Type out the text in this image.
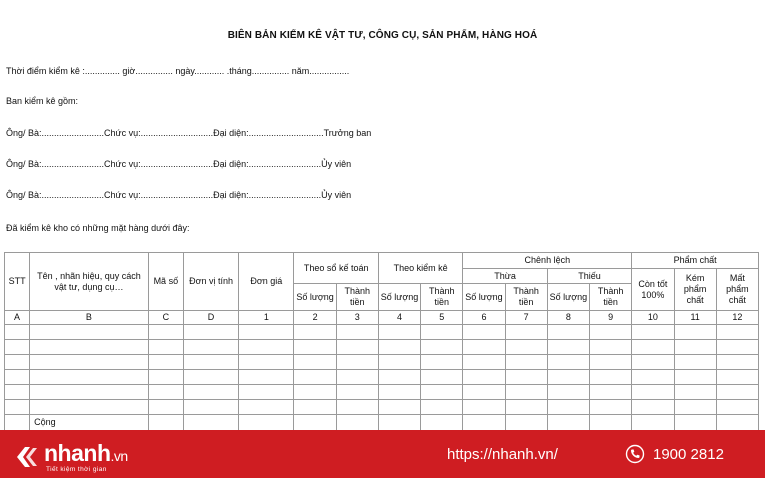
BIÊN BẢN KIỂM KÊ VẬT TƯ, CÔNG CỤ, SẢN PHẨM, HÀNG HOÁ
Thời điểm kiểm kê :.............. giờ............... ngày............ .tháng............... năm................
Ban kiểm kê gồm:
Ông/ Bà:.........................Chức vụ:.............................Đại diện:..............................Trưởng ban
Ông/ Bà:.........................Chức vụ:.............................Đại diện:.............................Ủy viên
Ông/ Bà:.........................Chức vụ:.............................Đại diện:.............................Ủy viên
Đã kiểm kê kho có những mặt hàng dưới đây:
STT	Tên , nhãn hiệu, quy cách vật tư, dụng cụ…	Mã số	Đơn vị tính	Đơn giá	Theo sổ kế toán		Theo kiểm kê		Chênh lệch				Phẩm chất		
									Thừa		Thiếu		Còn tốt 100%	Kém phẩm chất	Mất phẩm chất
					Số lượng	Thành tiền	Số lượng	Thành tiền	Số lượng	Thành tiền	Số lượng	Thành tiền			
A	B	C	D	1	2	3	4	5	6	7	8	9	10	11	12

	Cộng														
nhanh.vn
Tiết kiệm thời gian
https://nhanh.vn/	1900 2812
